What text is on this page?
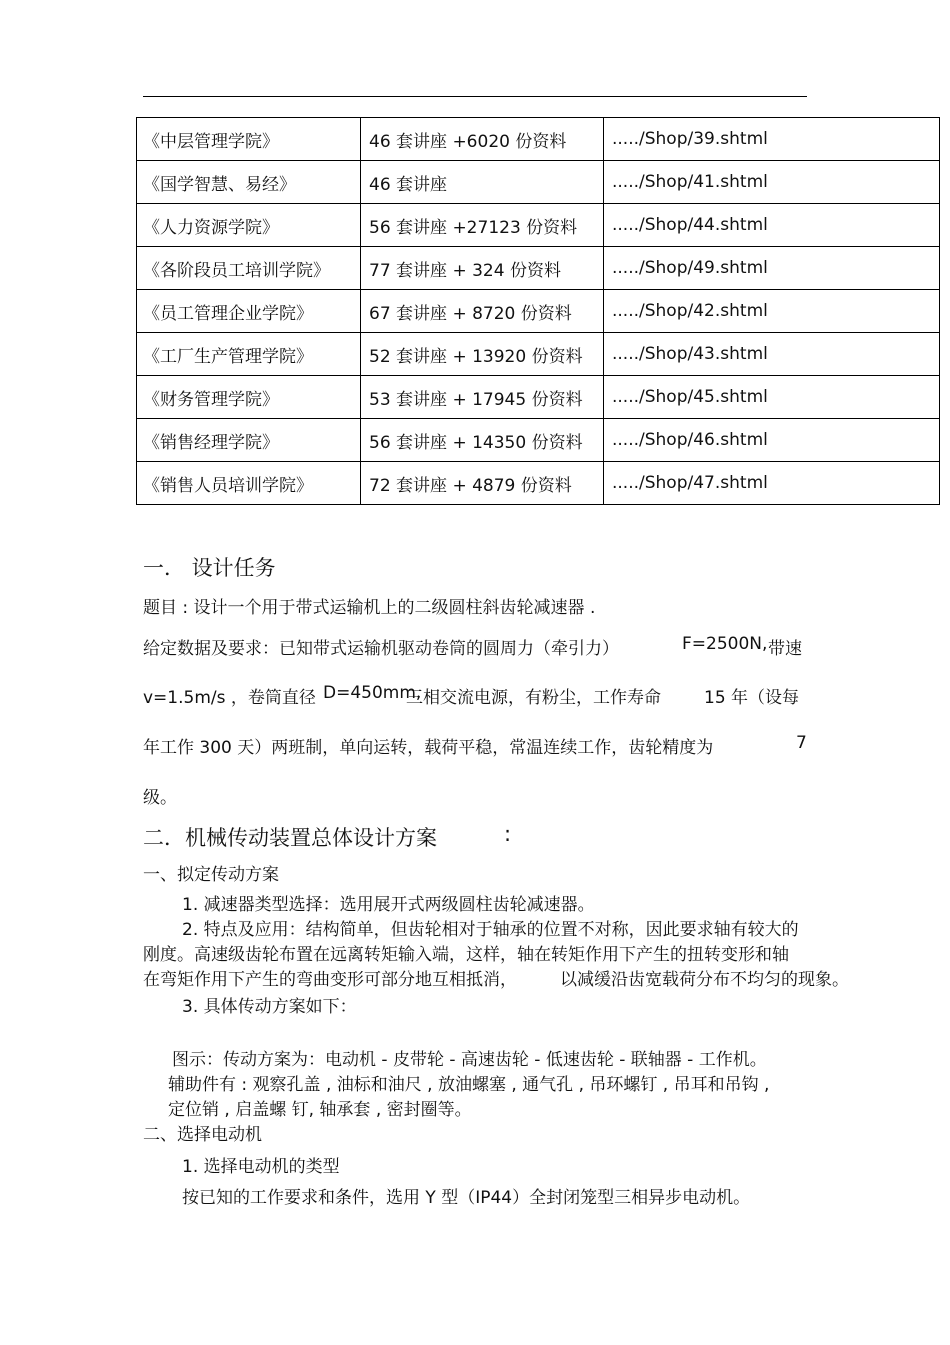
《中层管理学院》	46 套讲座 +6020 份资料	...../Shop/39.shtml
《国学智慧、易经》	46 套讲座	...../Shop/41.shtml
《人力资源学院》	56 套讲座 +27123 份资料	...../Shop/44.shtml
《各阶段员工培训学院》	77 套讲座 + 324 份资料	...../Shop/49.shtml
《员工管理企业学院》	67 套讲座 + 8720 份资料	...../Shop/42.shtml
《工厂生产管理学院》	52 套讲座 + 13920 份资料	...../Shop/43.shtml
《财务管理学院》	53 套讲座 + 17945 份资料	...../Shop/45.shtml
《销售经理学院》	56 套讲座 + 14350 份资料	...../Shop/46.shtml
《销售人员培训学院》	72 套讲座 + 4879 份资料	...../Shop/47.shtml
一． 设计任务
题目 : 设计一个用于带式运输机上的二级圆柱斜齿轮减速器 .
给定数据及要求：已知带式运输机驱动卷筒的圆周力（牵引力）	F=2500N, 带速
v=1.5m/s ，卷筒直径 D=450mm,
三相交流电源，有粉尘，工作寿命	15 年（设每
年工作 300 天）两班制，单向运转，载荷平稳，常温连续工作，齿轮精度为	7
级。
二．机械传动装置总体设计方案	:
一、拟定传动方案
1. 减速器类型选择：选用展开式两级圆柱齿轮减速器。
2. 特点及应用：结构简单，但齿轮相对于轴承的位置不对称，因此要求轴有较大的
刚度。高速级齿轮布置在远离转矩输入端，这样，轴在转矩作用下产生的扭转变形和轴
在弯矩作用下产生的弯曲变形可部分地互相抵消，	以减缓沿齿宽载荷分布不均匀的现象。
3. 具体传动方案如下：
图示：传动方案为：电动机 - 皮带轮 - 高速齿轮 - 低速齿轮 - 联轴器 - 工作机。
辅助件有 : 观察孔盖 , 油标和油尺 , 放油螺塞 , 通气孔 , 吊环螺钉 , 吊耳和吊钩 ,
定位销 , 启盖螺 钉, 轴承套 , 密封圈等。
二、选择电动机
1. 选择电动机的类型
按已知的工作要求和条件，选用 Y 型（IP44）全封闭笼型三相异步电动机。
